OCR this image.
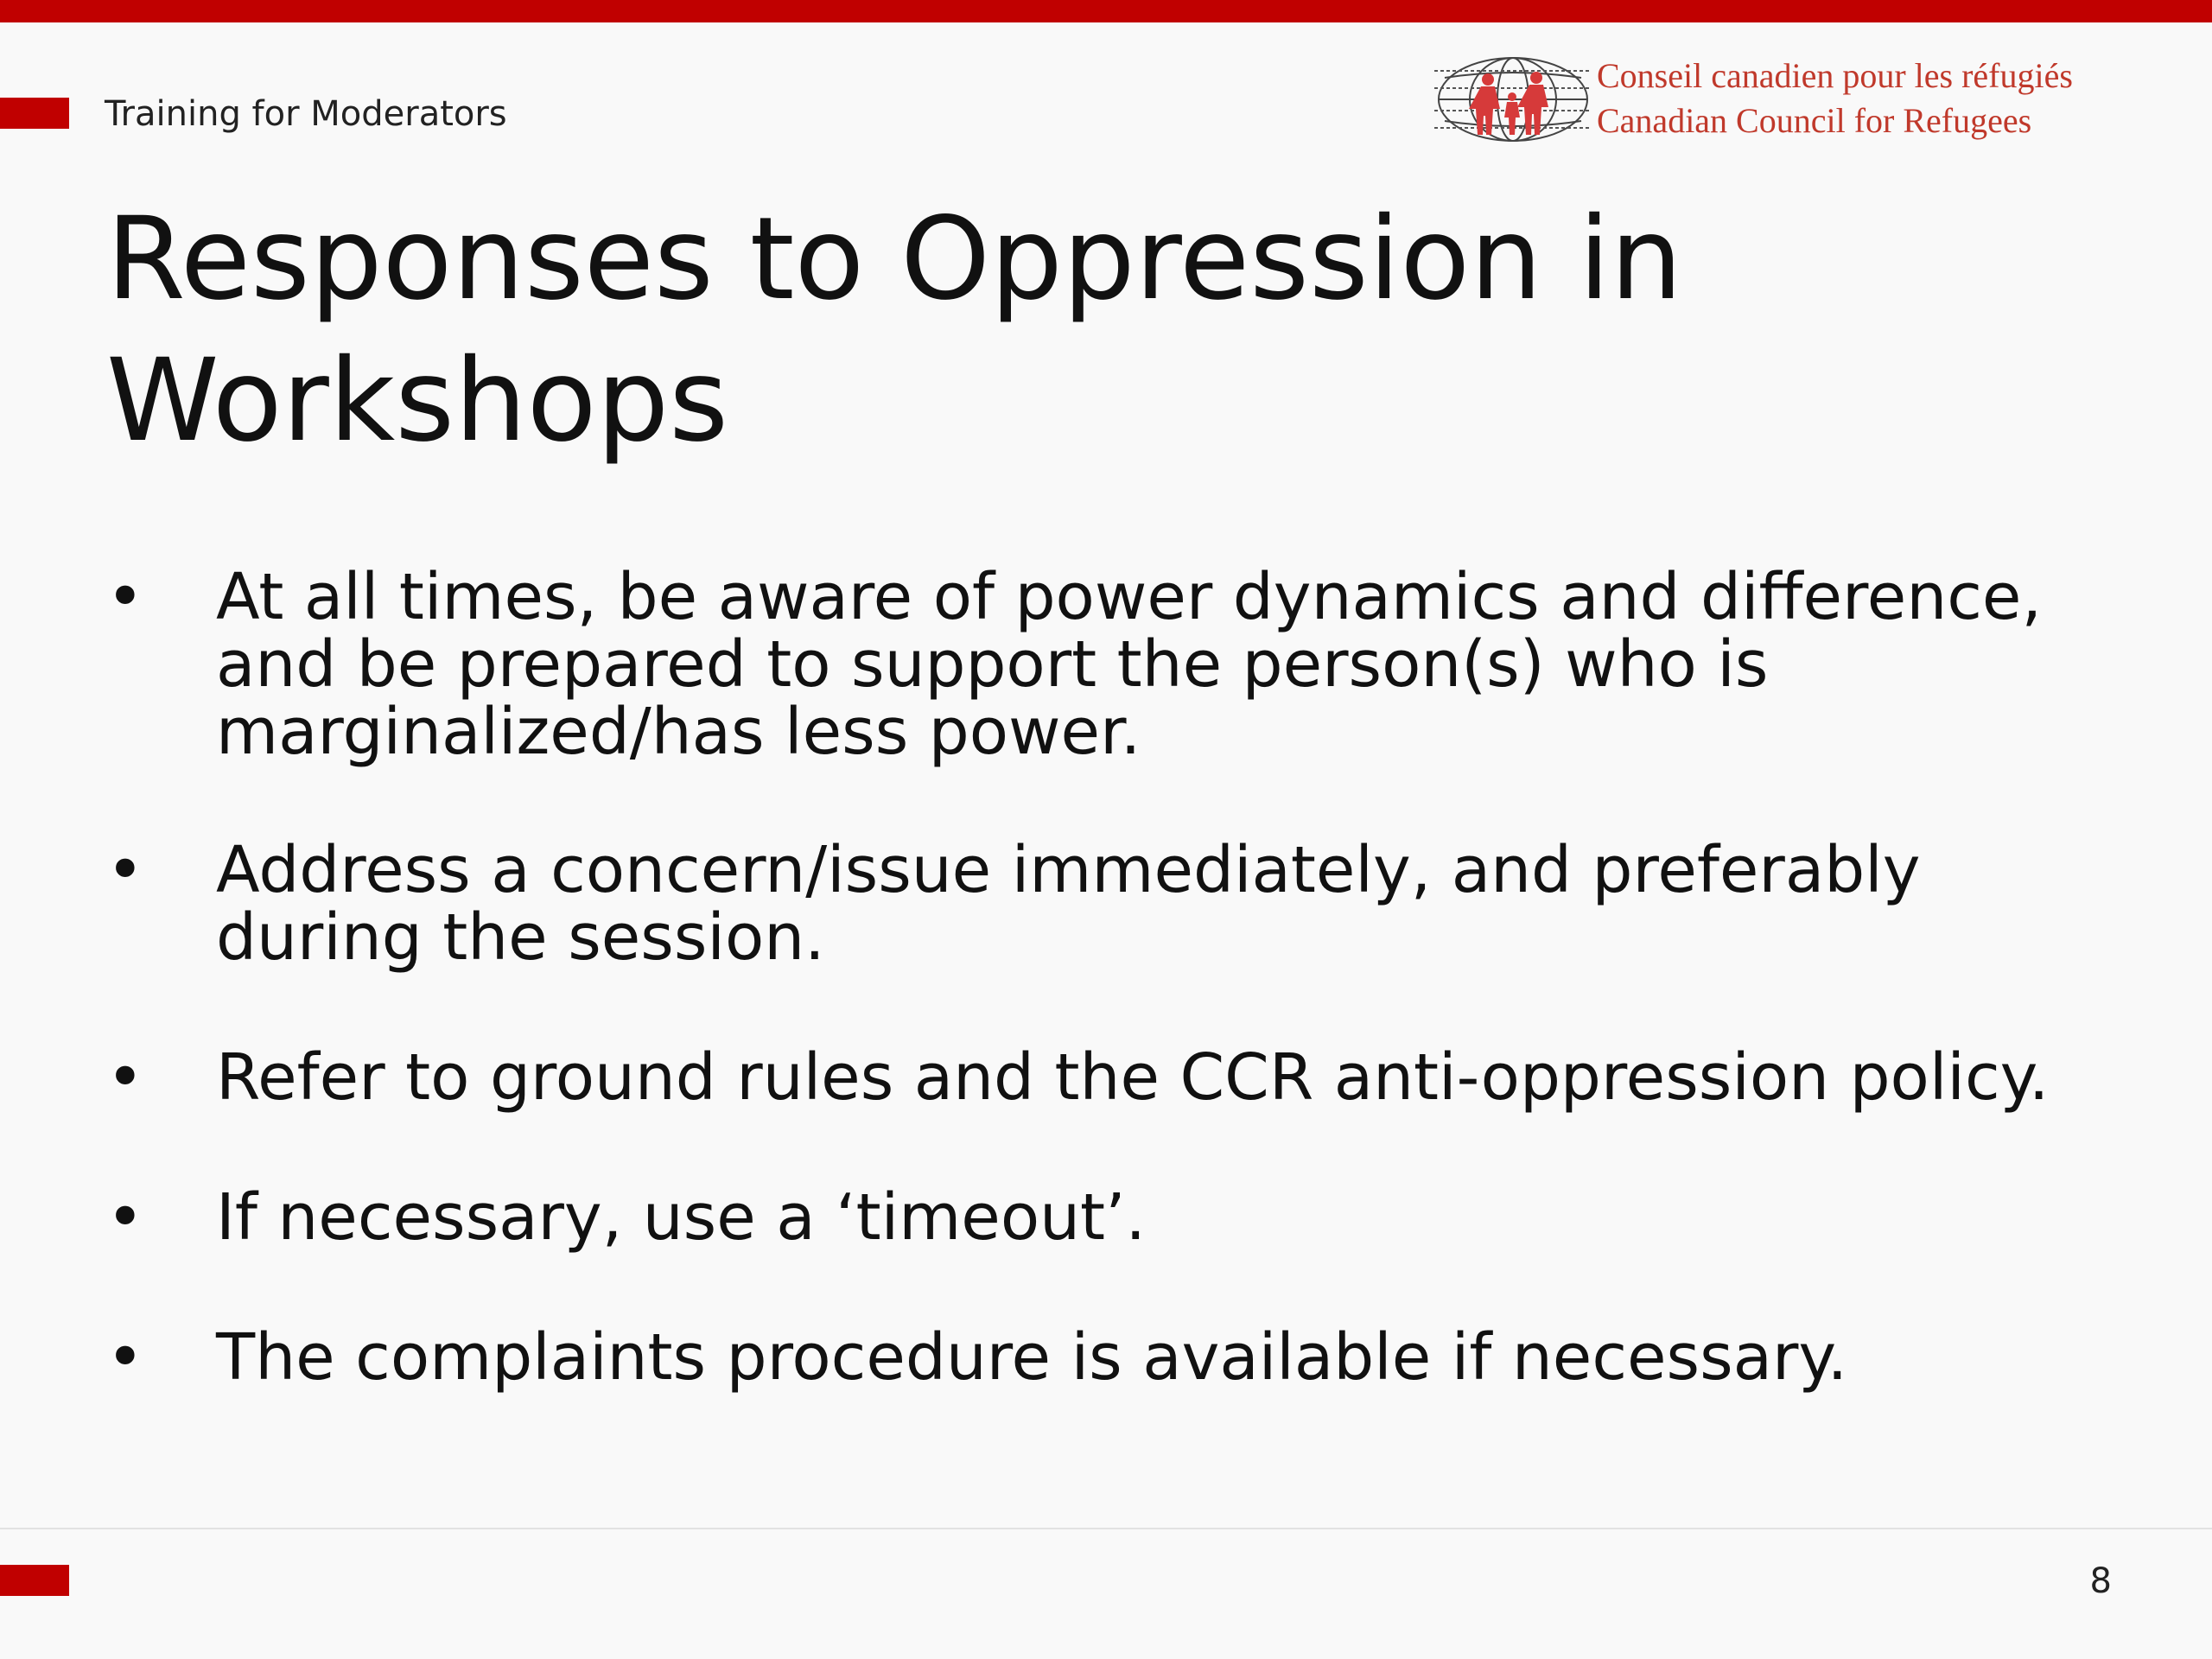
Training for Moderators
Conseil canadien pour les réfugiés
Canadian Council for Refugees
Responses to Oppression in Workshops
• At all times, be aware of power dynamics and difference, and be prepared to support the person(s) who is marginalized/has less power.
• Address a concern/issue immediately, and preferably during the session.
• Refer to ground rules and the CCR anti-oppression policy.
• If necessary, use a ‘timeout’.
• The complaints procedure is available if necessary.
8
